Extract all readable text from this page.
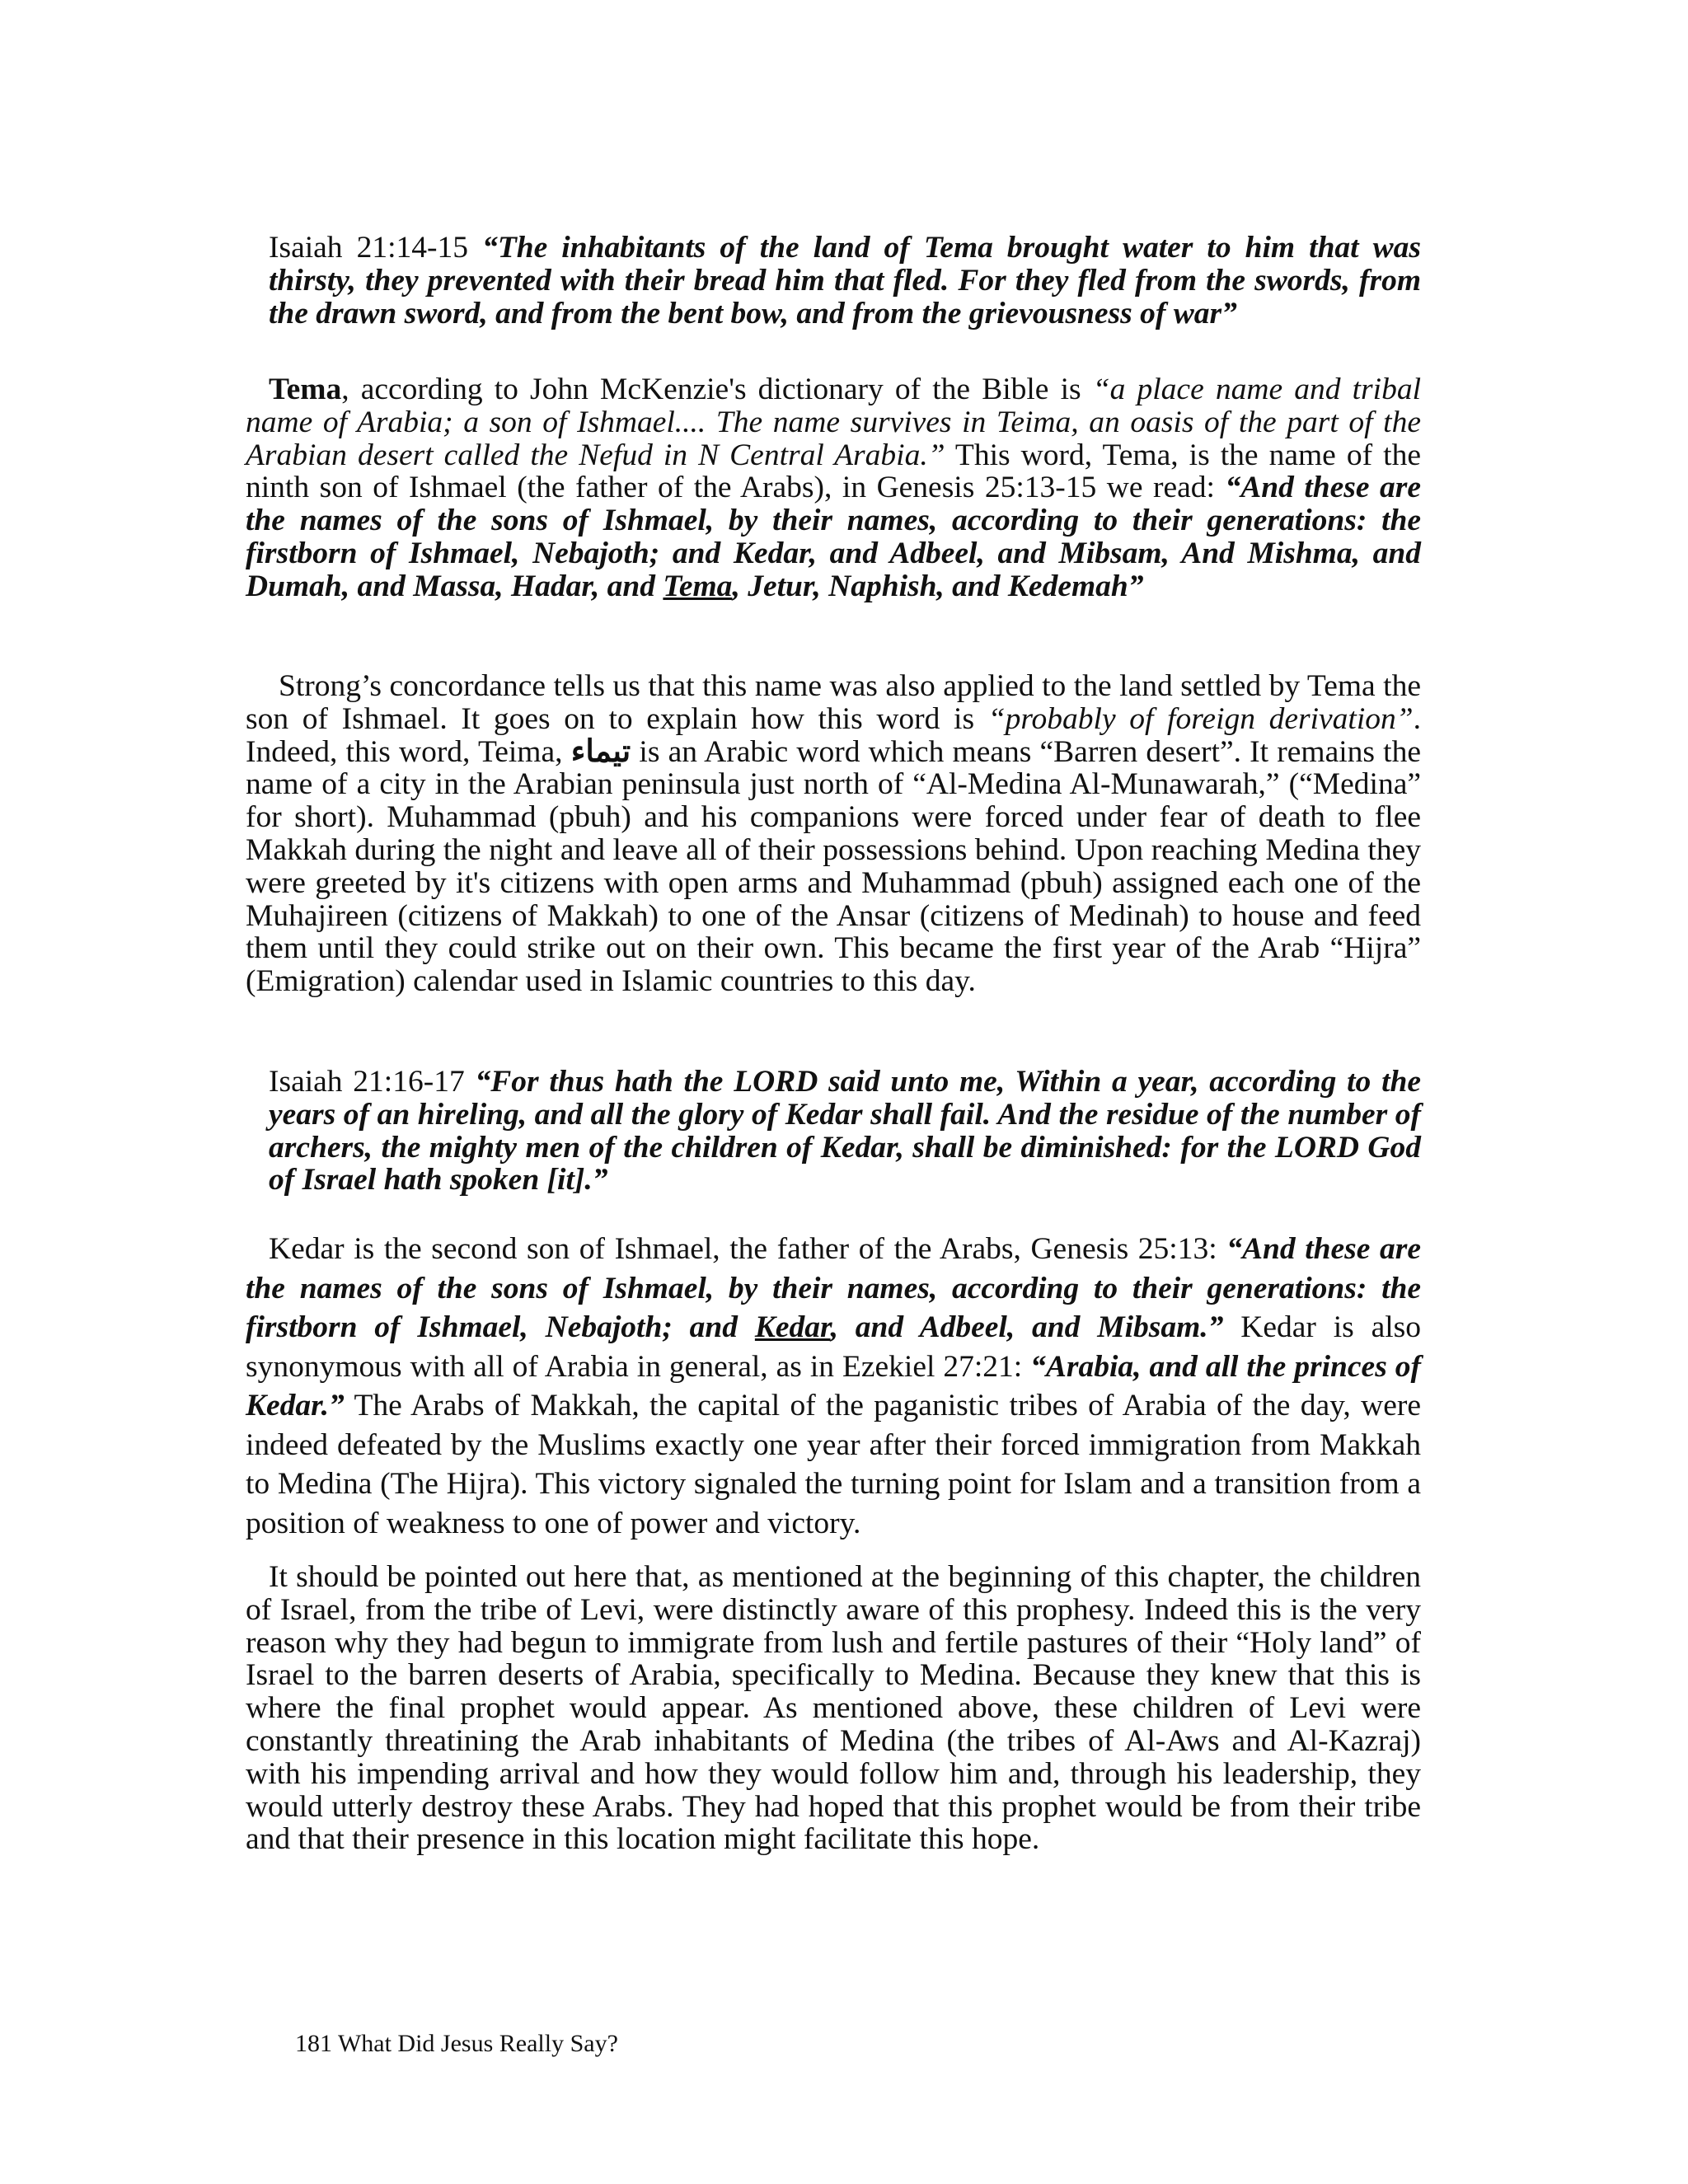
Isaiah 21:14-15 “The inhabitants of the land of Tema brought water to him that was thirsty, they prevented with their bread him that fled. For they fled from the swords, from the drawn sword, and from the bent bow, and from the grievousness of war”

Tema, according to John McKenzie's dictionary of the Bible is “a place name and tribal name of Arabia; a son of Ishmael.... The name survives in Teima, an oasis of the part of the Arabian desert called the Nefud in N Central Arabia.” This word, Tema, is the name of the ninth son of Ishmael (the father of the Arabs), in Genesis 25:13-15 we read: “And these are the names of the sons of Ishmael, by their names, according to their generations: the firstborn of Ishmael, Nebajoth; and Kedar, and Adbeel, and Mibsam, And Mishma, and Dumah, and Massa, Hadar, and Tema, Jetur, Naphish, and Kedemah”

Strong’s concordance tells us that this name was also applied to the land settled by Tema the son of Ishmael. It goes on to explain how this word is “probably of foreign derivation”. Indeed, this word, Teima, تيماء is an Arabic word which means “Barren desert”. It remains the name of a city in the Arabian peninsula just north of “Al-Medina Al-Munawarah,” (“Medina” for short). Muhammad (pbuh) and his companions were forced under fear of death to flee Makkah during the night and leave all of their possessions behind. Upon reaching Medina they were greeted by it's citizens with open arms and Muhammad (pbuh) assigned each one of the Muhajireen (citizens of Makkah) to one of the Ansar (citizens of Medinah) to house and feed them until they could strike out on their own. This became the first year of the Arab “Hijra” (Emigration) calendar used in Islamic countries to this day.

Isaiah 21:16-17 “For thus hath the LORD said unto me, Within a year, according to the years of an hireling, and all the glory of Kedar shall fail. And the residue of the number of archers, the mighty men of the children of Kedar, shall be diminished: for the LORD God of Israel hath spoken [it].”

Kedar is the second son of Ishmael, the father of the Arabs, Genesis 25:13: “And these are the names of the sons of Ishmael, by their names, according to their generations: the firstborn of Ishmael, Nebajoth; and Kedar, and Adbeel, and Mibsam.” Kedar is also synonymous with all of Arabia in general, as in Ezekiel 27:21: “Arabia, and all the princes of Kedar.” The Arabs of Makkah, the capital of the paganistic tribes of Arabia of the day, were indeed defeated by the Muslims exactly one year after their forced immigration from Makkah to Medina (The Hijra). This victory signaled the turning point for Islam and a transition from a position of weakness to one of power and victory.

It should be pointed out here that, as mentioned at the beginning of this chapter, the children of Israel, from the tribe of Levi, were distinctly aware of this prophesy. Indeed this is the very reason why they had begun to immigrate from lush and fertile pastures of their “Holy land” of Israel to the barren deserts of Arabia, specifically to Medina. Because they knew that this is where the final prophet would appear. As mentioned above, these children of Levi were constantly threatining the Arab inhabitants of Medina (the tribes of Al-Aws and Al-Kazraj) with his impending arrival and how they would follow him and, through his leadership, they would utterly destroy these Arabs. They had hoped that this prophet would be from their tribe and that their presence in this location might facilitate this hope.

181 What Did Jesus Really Say?
